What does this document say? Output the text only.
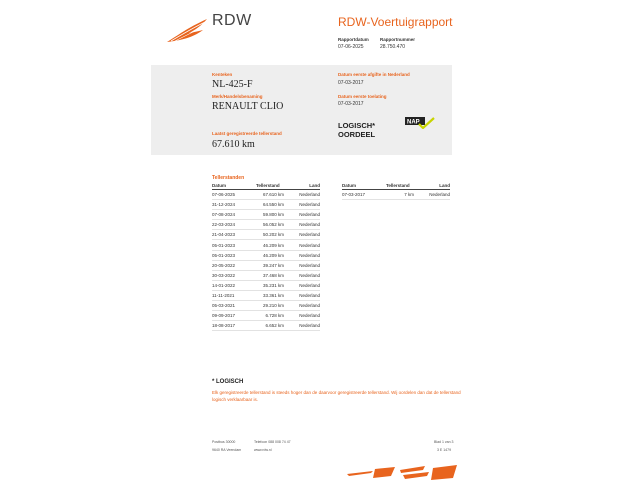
RDW	RDW-Voertuigrapport
Rapportdatum
07-06-2025
Rapportnummer
28.750.470
Kenteken
NL-425-F
Merk/Handelsbenaming
RENAULT CLIO
Laatst geregistreerde tellerstand
67.610 km
Datum eerste afgifte in Nederland
07-03-2017
Datum eerste toelating
07-03-2017
LOGISCH*
OORDEEL
NAP
Tellerstanden
Datum	Tellerstand	Land
07-06-2025	67.610 km	Nederland
31-12-2024	64.550 km	Nederland
07-08-2024	59.800 km	Nederland
22-03-2024	56.052 km	Nederland
21-04-2023	50.202 km	Nederland
05-01-2023	46.209 km	Nederland
05-01-2023	46.209 km	Nederland
20-05-2022	39.247 km	Nederland
30-03-2022	37.468 km	Nederland
14-01-2022	35.231 km	Nederland
11-11-2021	33.361 km	Nederland
05-03-2021	29.210 km	Nederland
09-09-2017	6.728 km	Nederland
18-08-2017	6.652 km	Nederland
Datum	Tellerstand	Land
07-03-2017	7 km	Nederland
* LOGISCH
Elk geregistreerde tellerstand is steeds hoger dan de daarvoor geregistreerde tellerstand. Wij oordelen dan dat de tellerstand logisch verklaarbaar is.
Postbus 30000
9640 RA Veendam
Telefoon 088 008 74 47
www.rdw.nl
Blad 1 van 3
3 E 1479
